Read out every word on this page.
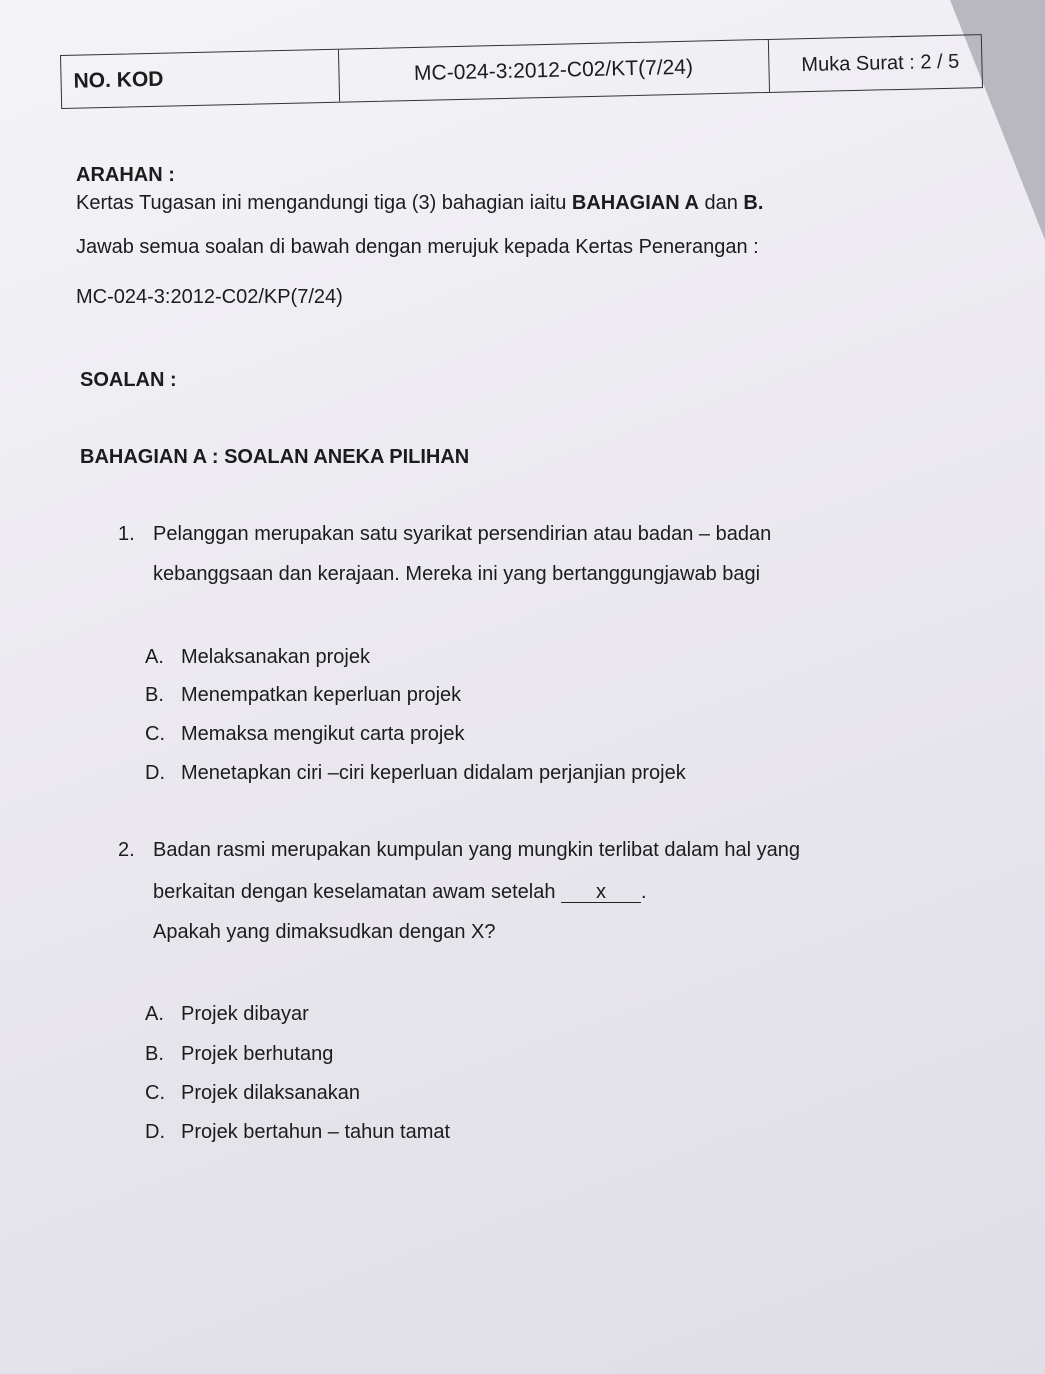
NO. KOD	MC-024-3:2012-C02/KT(7/24)	Muka Surat : 2 / 5
ARAHAN :
Kertas Tugasan ini mengandungi tiga (3) bahagian iaitu BAHAGIAN A dan B.
Jawab semua soalan di bawah dengan merujuk kepada Kertas Penerangan :
MC-024-3:2012-C02/KP(7/24)
SOALAN :
BAHAGIAN A : SOALAN ANEKA PILIHAN
1. Pelanggan merupakan satu syarikat persendirian atau badan – badan
kebanggsaan dan kerajaan. Mereka ini yang bertanggungjawab bagi
A. Melaksanakan projek
B. Menempatkan keperluan projek
C. Memaksa mengikut carta projek
D. Menetapkan ciri –ciri keperluan didalam perjanjian projek
2. Badan rasmi merupakan kumpulan yang mungkin terlibat dalam hal yang
berkaitan dengan keselamatan awam setelah x .
Apakah yang dimaksudkan dengan X?
A. Projek dibayar
B. Projek berhutang
C. Projek dilaksanakan
D. Projek bertahun – tahun tamat
